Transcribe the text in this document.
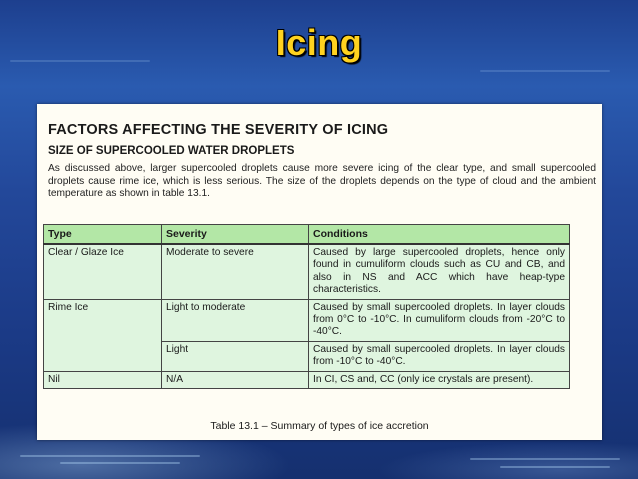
Icing
FACTORS AFFECTING THE SEVERITY OF ICING
SIZE OF SUPERCOOLED WATER DROPLETS
As discussed above, larger supercooled droplets cause more severe icing of the clear type, and small supercooled droplets cause rime ice, which is less serious. The size of the droplets depends on the type of cloud and the ambient temperature as shown in table 13.1.
Type	Severity	Conditions
Clear / Glaze Ice	Moderate to severe	Caused by large supercooled droplets, hence only found in cumuliform clouds such as CU and CB, and also in NS and ACC which have heap-type characteristics.
Rime Ice	Light to moderate	Caused by small supercooled droplets. In layer clouds from 0°C to -10°C. In cumuliform clouds from -20°C to -40°C.
	Light	Caused by small supercooled droplets. In layer clouds from -10°C to -40°C.
Nil	N/A	In CI, CS and, CC (only ice crystals are present).
Table 13.1 – Summary of types of ice accretion
